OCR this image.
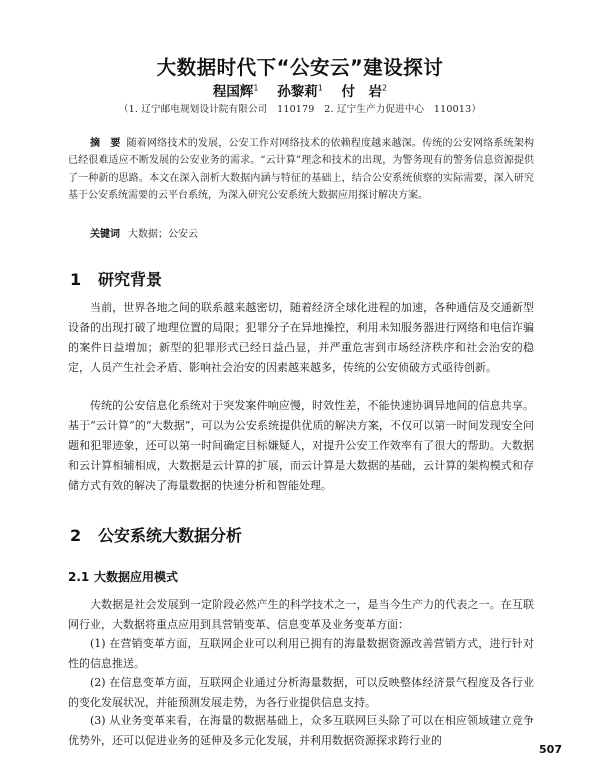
大数据时代下“公安云”建设探讨
程国辉$^1$ 孙黎莉$^1$ 付　岩$^2$
（1. 辽宁邮电规划设计院有限公司　110179　2. 辽宁生产力促进中心　110013）
摘　要 随着网络技术的发展，公安工作对网络技术的依赖程度越来越深。传统的公安网络系统架构已经很难适应不断发展的公安业务的需求。“云计算”理念和技术的出现，为警务现有的警务信息资源提供了一种新的思路。本文在深入剖析大数据内涵与特征的基础上，结合公安系统侦察的实际需要，深入研究基于公安系统需要的云平台系统，为深入研究公安系统大数据应用探讨解决方案。
关键词 大数据；公安云
1 研究背景
当前，世界各地之间的联系越来越密切，随着经济全球化进程的加速，各种通信及交通新型设备的出现打破了地理位置的局限；犯罪分子在异地操控，利用未知服务器进行网络和电信诈骗的案件日益增加；新型的犯罪形式已经日益凸显，并严重危害到市场经济秩序和社会治安的稳定，人员产生社会矛盾、影响社会治安的因素越来越多，传统的公安侦破方式亟待创新。
传统的公安信息化系统对于突发案件响应慢，时效性差，不能快速协调异地间的信息共享。基于“云计算”的“大数据”，可以为公安系统提供优质的解决方案，不仅可以第一时间发现安全问题和犯罪迹象，还可以第一时间确定目标嫌疑人，对提升公安工作效率有了很大的帮助。大数据和云计算相辅相成，大数据是云计算的扩展，而云计算是大数据的基础，云计算的架构模式和存储方式有效的解决了海量数据的快速分析和智能处理。
2 公安系统大数据分析
2.1 大数据应用模式
大数据是社会发展到一定阶段必然产生的科学技术之一，是当今生产力的代表之一。在互联网行业，大数据将重点应用到具营销变革、信息变革及业务变革方面：
(1) 在营销变革方面，互联网企业可以利用已拥有的海量数据资源改善营销方式，进行针对性的信息推送。
(2) 在信息变革方面，互联网企业通过分析海量数据，可以反映整体经济景气程度及各行业的变化发展状况，并能预测发展走势，为各行业提供信息支持。
(3) 从业务变革来看，在海量的数据基础上，众多互联网巨头除了可以在相应领域建立竞争优势外，还可以促进业务的延伸及多元化发展，并利用数据资源探求跨行业的
507
